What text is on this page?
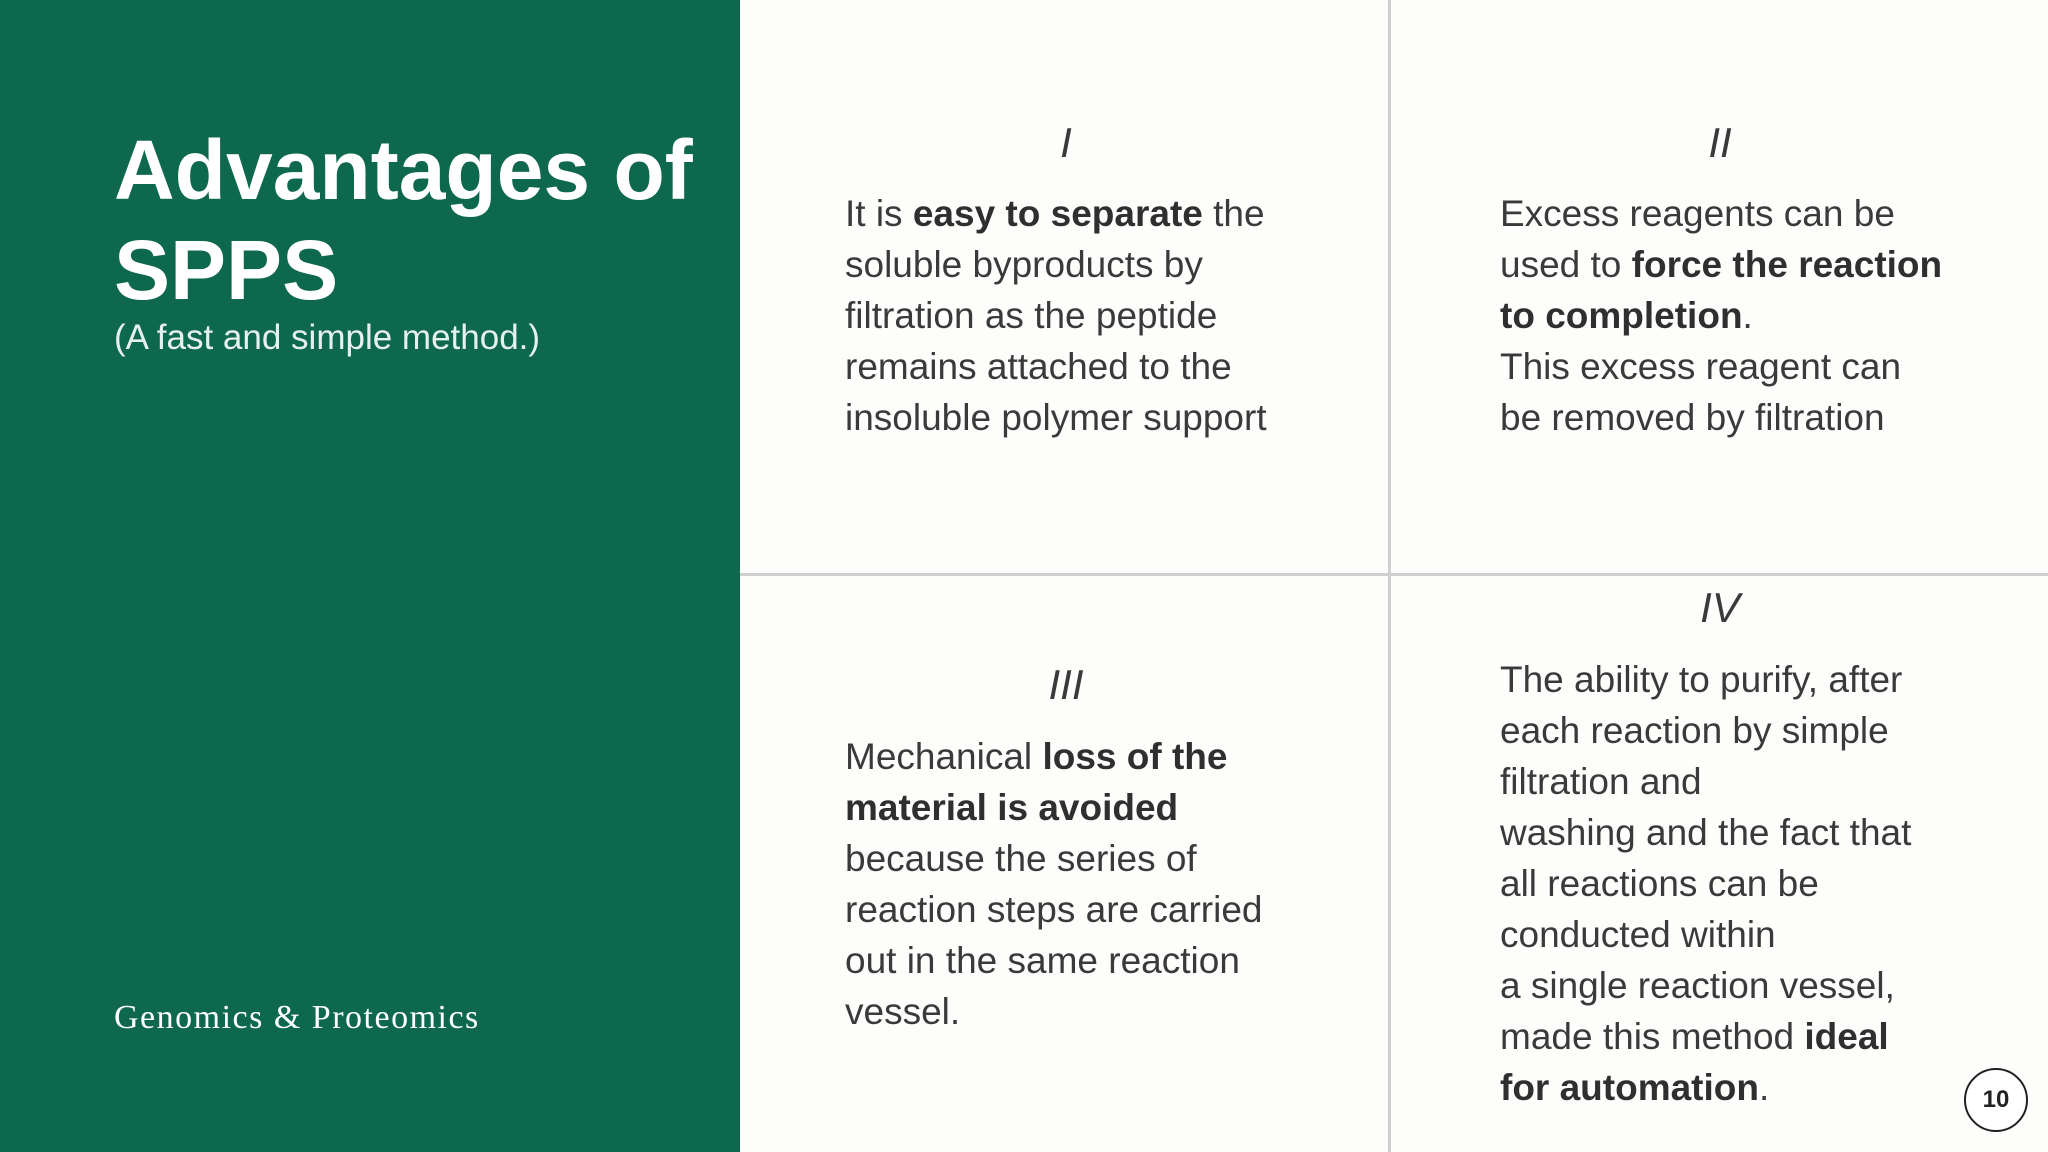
Advantages of SPPS
(A fast and simple method.)
Genomics & Proteomics
I
It is easy to separate the soluble byproducts by filtration as the peptide remains attached to the insoluble polymer support
II
Excess reagents can be used to force the reaction to completion.
This excess reagent can be removed by filtration
III
Mechanical loss of the material is avoided because the series of reaction steps are carried out in the same reaction vessel.
IV
The ability to purify, after each reaction by simple filtration and
washing and the fact that all reactions can be conducted within
a single reaction vessel, made this method ideal for automation.	10
